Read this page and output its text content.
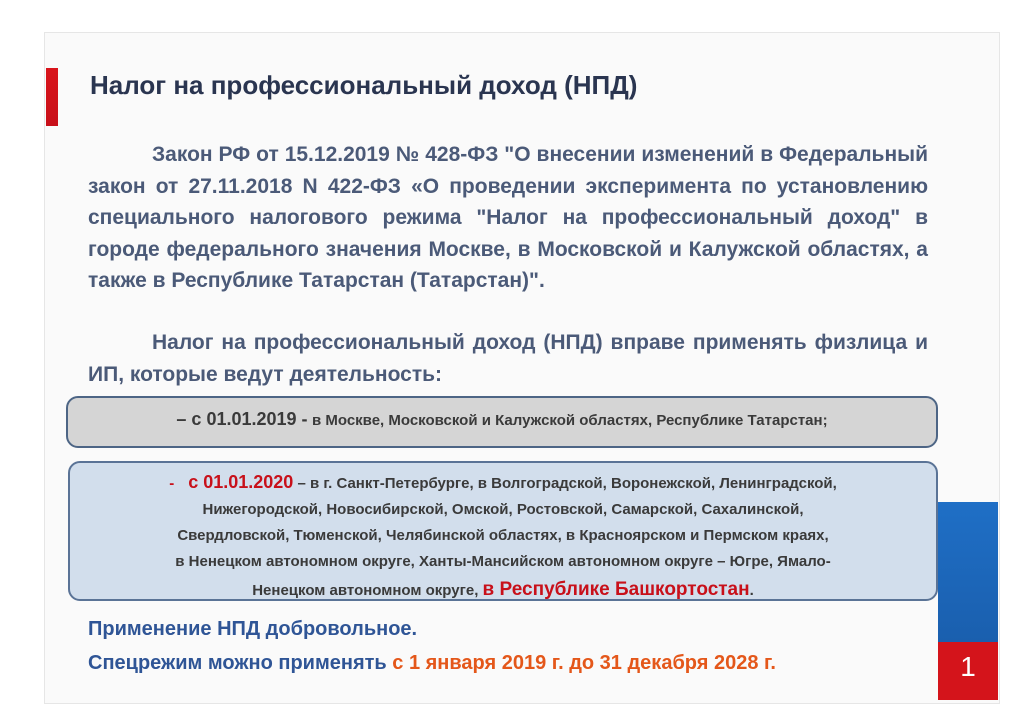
Налог на профессиональный доход (НПД)
Закон РФ от 15.12.2019 № 428-ФЗ "О внесении изменений в Федеральный закон от 27.11.2018 N 422-ФЗ «О проведении эксперимента по установлению специального налогового режима "Налог на профессиональный доход" в городе федерального значения Москве, в Московской и Калужской областях, а также в Республике Татарстан (Татарстан)".
Налог на профессиональный доход (НПД) вправе применять физлица и ИП, которые ведут деятельность:
– с 01.01.2019 - в Москве, Московской и Калужской областях, Республике Татарстан;
- с 01.01.2020 – в г. Санкт-Петербурге, в Волгоградской, Воронежской, Ленинградской,
Нижегородской, Новосибирской, Омской, Ростовской, Самарской, Сахалинской,
Свердловской, Тюменской, Челябинской областях, в Красноярском и Пермском краях,
в Ненецком автономном округе, Ханты-Мансийском автономном округе – Югре, Ямало-
Ненецком автономном округе, в Республике Башкортостан.
Применение НПД добровольное.
Спецрежим можно применять с 1 января 2019 г. до 31 декабря 2028 г.	1
